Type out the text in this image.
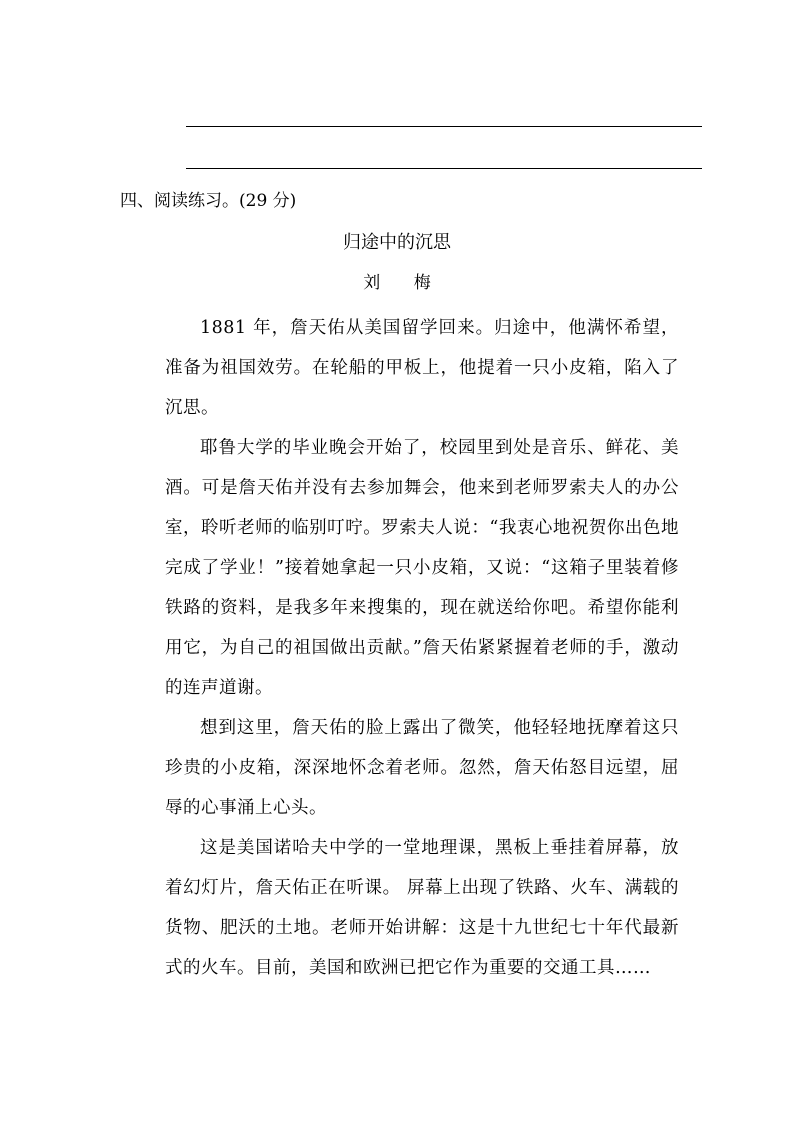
四、阅读练习。(29 分)
归途中的沉思
刘 梅

1881 年，詹天佑从美国留学回来。归途中，他满怀希望，准备为祖国效劳。在轮船的甲板上，他提着一只小皮箱，陷入了沉思。

耶鲁大学的毕业晚会开始了，校园里到处是音乐、鲜花、美酒。可是詹天佑并没有去参加舞会，他来到老师罗索夫人的办公室，聆听老师的临别叮咛。罗索夫人说：“我衷心地祝贺你出色地完成了学业！”接着她拿起一只小皮箱，又说：“这箱子里装着修铁路的资料，是我多年来搜集的，现在就送给你吧。希望你能利用它，为自己的祖国做出贡献。”詹天佑紧紧握着老师的手，激动的连声道谢。

想到这里，詹天佑的脸上露出了微笑，他轻轻地抚摩着这只珍贵的小皮箱，深深地怀念着老师。忽然，詹天佑怒目远望，屈辱的心事涌上心头。

这是美国诺哈夫中学的一堂地理课，黑板上垂挂着屏幕，放着幻灯片，詹天佑正在听课。 屏幕上出现了铁路、火车、满载的货物、肥沃的土地。老师开始讲解：这是十九世纪七十年代最新式的火车。目前，美国和欧洲已把它作为重要的交通工具……
